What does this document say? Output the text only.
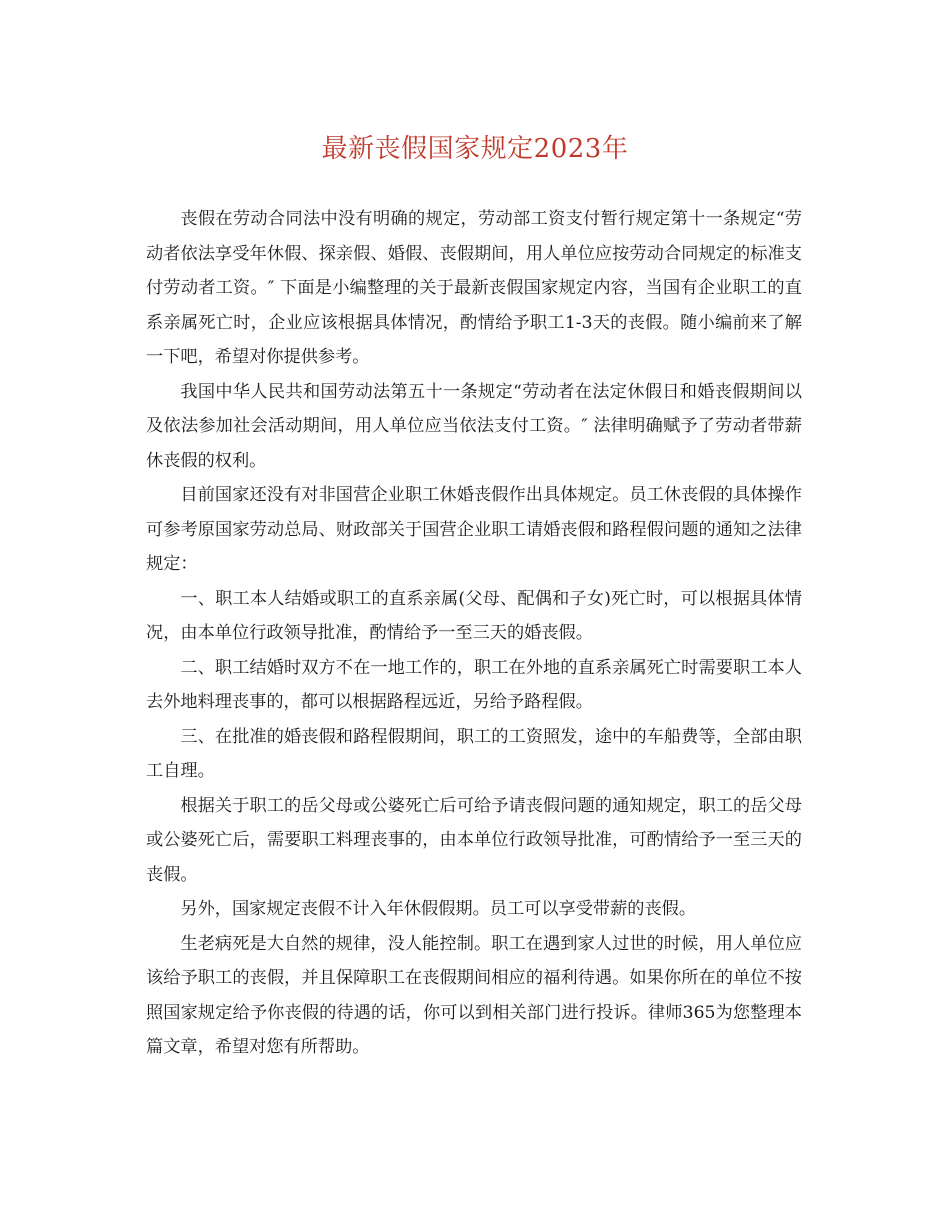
最新丧假国家规定2023年

丧假在劳动合同法中没有明确的规定，劳动部工资支付暂行规定第十一条规定“劳动者依法享受年休假、探亲假、婚假、丧假期间，用人单位应按劳动合同规定的标准支付劳动者工资。″ 下面是小编整理的关于最新丧假国家规定内容，当国有企业职工的直系亲属死亡时，企业应该根据具体情况，酌情给予职工1-3天的丧假。随小编前来了解一下吧，希望对你提供参考。

我国中华人民共和国劳动法第五十一条规定“劳动者在法定休假日和婚丧假期间以及依法参加社会活动期间，用人单位应当依法支付工资。″ 法律明确赋予了劳动者带薪休丧假的权利。

目前国家还没有对非国营企业职工休婚丧假作出具体规定。员工休丧假的具体操作可参考原国家劳动总局、财政部关于国营企业职工请婚丧假和路程假问题的通知之法律规定：

一、职工本人结婚或职工的直系亲属(父母、配偶和子女)死亡时，可以根据具体情况，由本单位行政领导批准，酌情给予一至三天的婚丧假。

二、职工结婚时双方不在一地工作的，职工在外地的直系亲属死亡时需要职工本人去外地料理丧事的，都可以根据路程远近，另给予路程假。

三、在批准的婚丧假和路程假期间，职工的工资照发，途中的车船费等，全部由职工自理。

根据关于职工的岳父母或公婆死亡后可给予请丧假问题的通知规定，职工的岳父母或公婆死亡后，需要职工料理丧事的，由本单位行政领导批准，可酌情给予一至三天的丧假。

另外，国家规定丧假不计入年休假假期。员工可以享受带薪的丧假。

生老病死是大自然的规律，没人能控制。职工在遇到家人过世的时候，用人单位应该给予职工的丧假，并且保障职工在丧假期间相应的福利待遇。如果你所在的单位不按照国家规定给予你丧假的待遇的话，你可以到相关部门进行投诉。律师365为您整理本篇文章，希望对您有所帮助。
